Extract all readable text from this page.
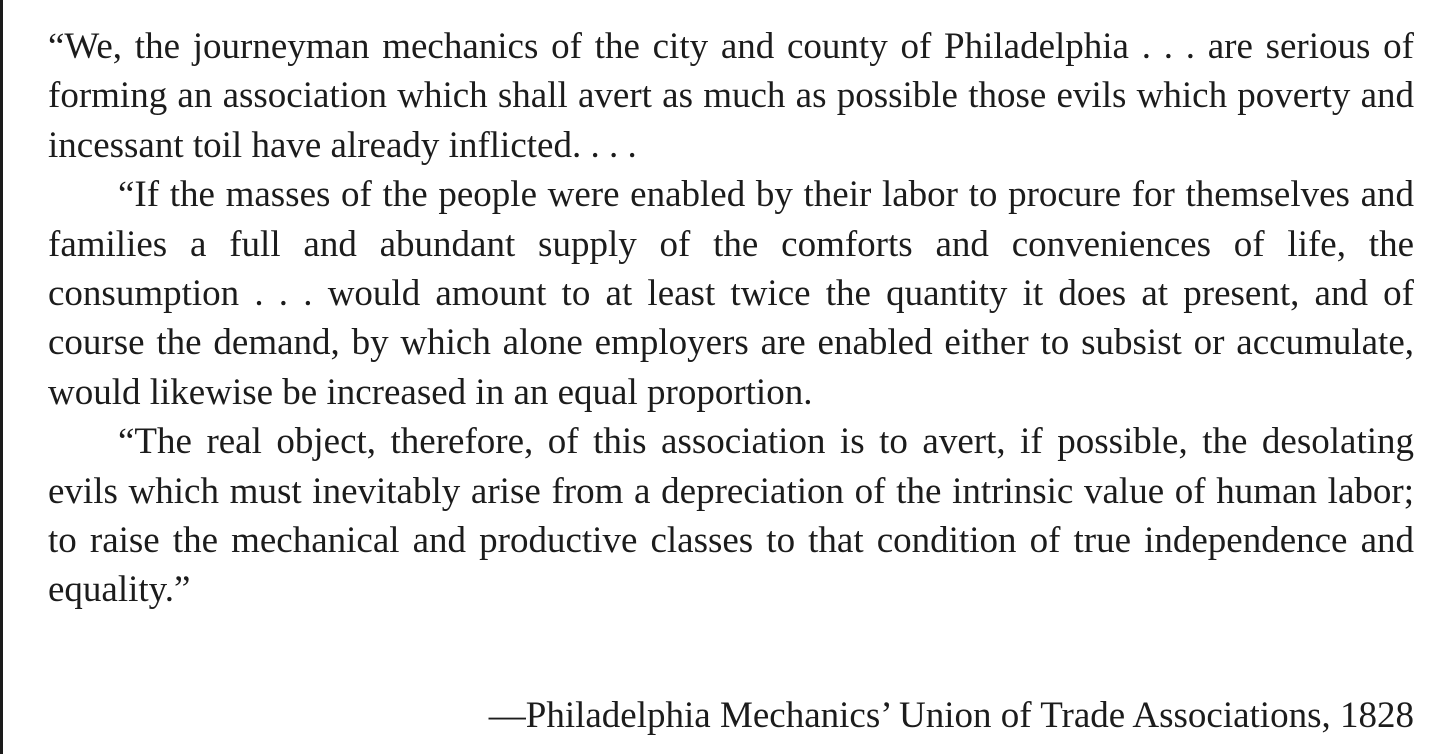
“We, the journeyman mechanics of the city and county of Philadelphia . . . are serious of forming an association which shall avert as much as possible those evils which poverty and incessant toil have already inflicted. . . .

“If the masses of the people were enabled by their labor to procure for themselves and families a full and abundant supply of the comforts and conveniences of life, the consumption . . . would amount to at least twice the quantity it does at present, and of course the demand, by which alone employers are enabled either to subsist or accumulate, would likewise be increased in an equal proportion.

“The real object, therefore, of this association is to avert, if possible, the desolating evils which must inevitably arise from a depreciation of the intrinsic value of human labor; to raise the mechanical and productive classes to that condition of true independence and equality.”

—Philadelphia Mechanics’ Union of Trade Associations, 1828
